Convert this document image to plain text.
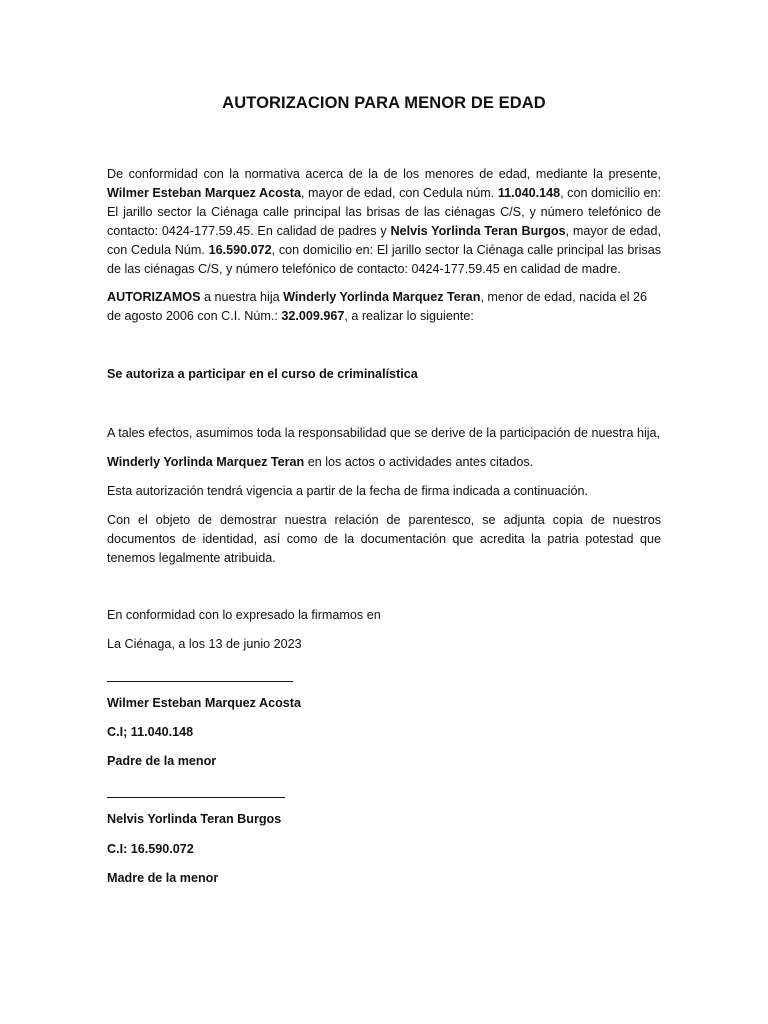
AUTORIZACION PARA MENOR DE EDAD
De conformidad con la normativa acerca de la de los menores de edad, mediante la presente, Wilmer Esteban Marquez Acosta, mayor de edad, con Cedula núm. 11.040.148, con domicilio en: El jarillo sector la Ciénaga calle principal las brisas de las ciénagas C/S, y número telefónico de contacto: 0424-177.59.45. En calidad de padres y Nelvis Yorlinda Teran Burgos, mayor de edad, con Cedula Núm. 16.590.072, con domicilio en: El jarillo sector la Ciénaga calle principal las brisas de las ciénagas C/S, y número telefónico de contacto: 0424-177.59.45 en calidad de madre.
AUTORIZAMOS a nuestra hija Winderly Yorlinda Marquez Teran, menor de edad, nacida el 26 de agosto 2006 con C.I. Núm.: 32.009.967, a realizar lo siguiente:
Se autoriza a participar en el curso de criminalística
A tales efectos, asumimos toda la responsabilidad que se derive de la participación de nuestra hija,
Winderly Yorlinda Marquez Teran en los actos o actividades antes citados.
Esta autorización tendrá vigencia a partir de la fecha de firma indicada a continuación.
Con el objeto de demostrar nuestra relación de parentesco, se adjunta copia de nuestros documentos de identidad, así como de la documentación que acredita la patria potestad que tenemos legalmente atribuida.
En conformidad con lo expresado la firmamos en
La Ciénaga, a los 13 de junio 2023
Wilmer Esteban Marquez Acosta
C.I; 11.040.148
Padre de la menor
Nelvis Yorlinda Teran Burgos
C.I: 16.590.072
Madre de la menor
